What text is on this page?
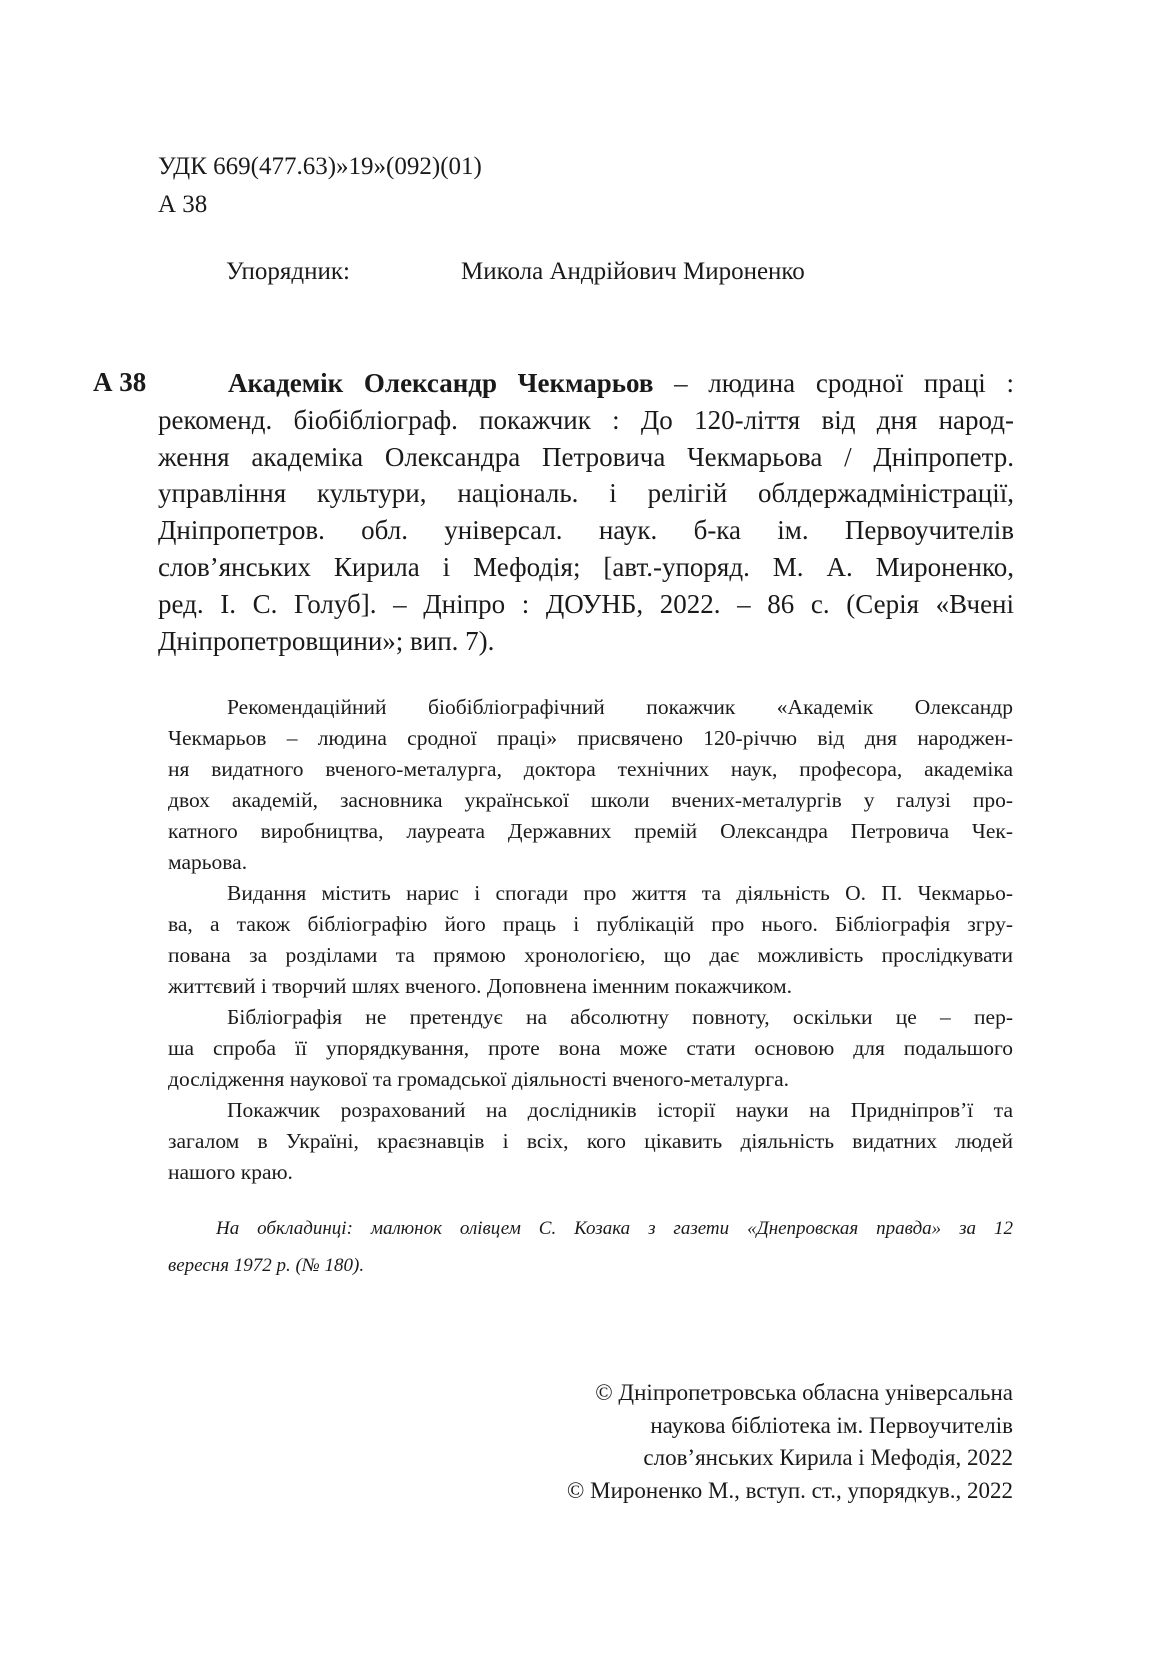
УДК 669(477.63)»19»(092)(01)

А 38

Упорядник:	Микола Андрійович Мироненко

А 38	Академік Олександр Чекмарьов – людина сродної праці :
рекоменд. біобібліограф. покажчик : До 120-ліття від дня народ-
ження академіка Олександра Петровича Чекмарьова / Дніпропетр.
управління культури, національ. і релігій облдержадміністрації,
Дніпропетров. обл. універсал. наук. б-ка ім. Первоучителів
слов’янських Кирила і Мефодія; [авт.-упоряд. М. А. Мироненко,
ред. І. С. Голуб]. – Дніпро : ДОУНБ, 2022. – 86 с. (Серія «Вчені
Дніпропетровщини»; вип. 7).
Рекомендаційний біобібліографічний покажчик «Академік Олександр
Чекмарьов – людина сродної праці» присвячено 120-річчю від дня народжен-
ня видатного вченого-металурга, доктора технічних наук, професора, академіка
двох академій, засновника української школи вчених-металургів у галузі про-
катного виробництва, лауреата Державних премій Олександра Петровича Чек-
марьова.
Видання містить нарис і спогади про життя та діяльність О. П. Чекмарьо-
ва, а також бібліографію його праць і публікацій про нього. Бібліографія згру-
пована за розділами та прямою хронологією, що дає можливість прослідкувати
життєвий і творчий шлях вченого. Доповнена іменним покажчиком.
Бібліографія не претендує на абсолютну повноту, оскільки це – пер-
ша спроба її упорядкування, проте вона може стати основою для подальшого
дослідження наукової та громадської діяльності вченого-металурга.
Покажчик розрахований на дослідників історії науки на Придніпров’ї та
загалом в Україні, краєзнавців і всіх, кого цікавить діяльність видатних людей
нашого краю.
На обкладинці: малюнок олівцем С. Козака з газети «Днепровская правда» за 12
вересня 1972 р. (№ 180).
© Дніпропетровська обласна універсальна
наукова бібліотека ім. Первоучителів
слов’янських Кирила і Мефодія, 2022
© Мироненко М., вступ. ст., упорядкув., 2022
